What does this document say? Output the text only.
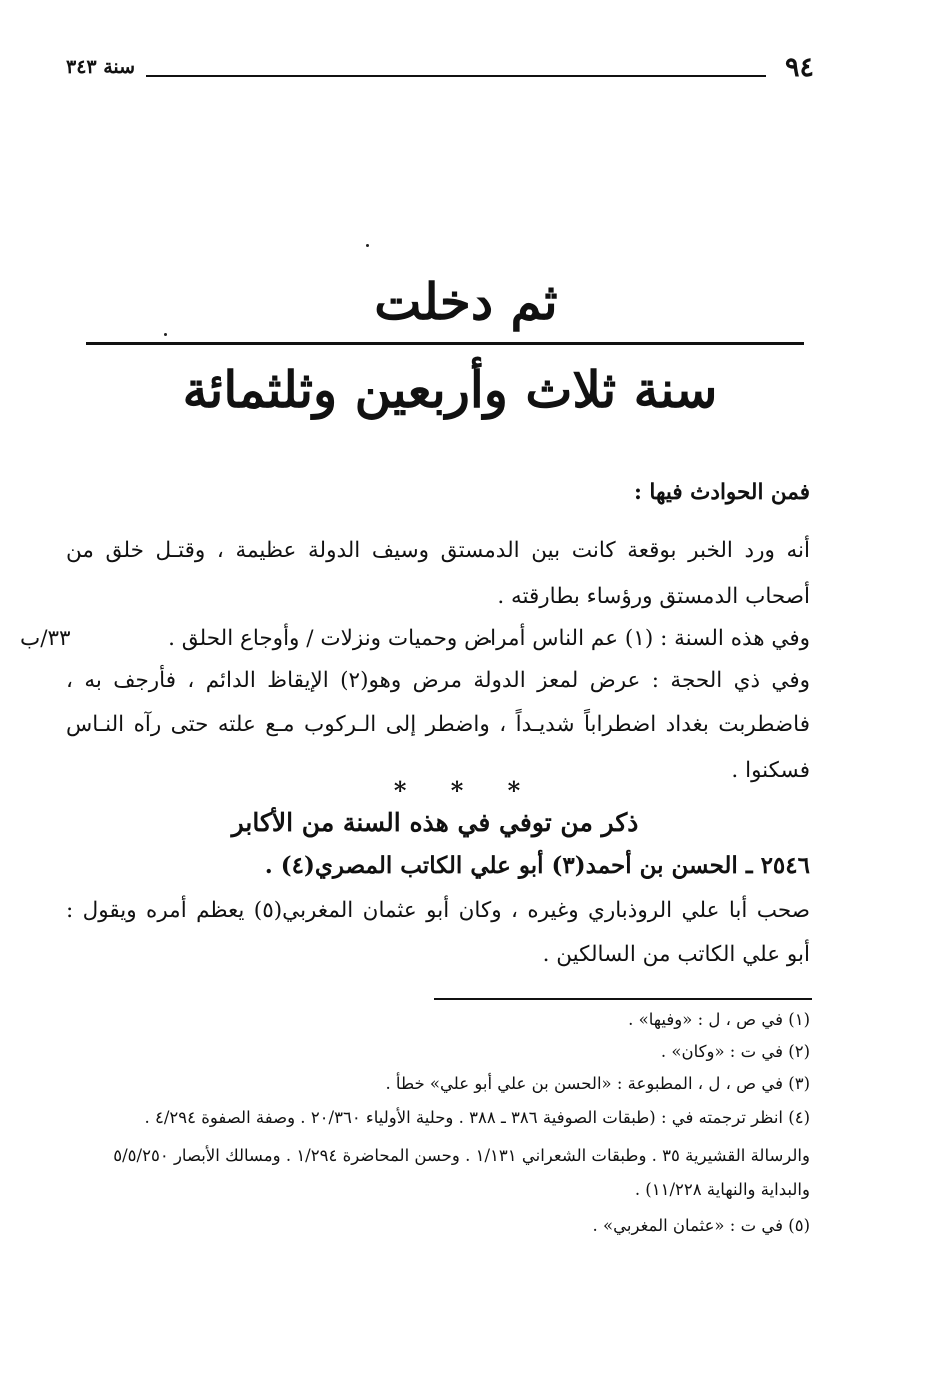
٩٤
سنة ٣٤٣
ثم دخلت
سنة ثلاث وأربعين وثلثمائة
فمن الحوادث فيها :
أنه ورد الخبر بوقعة كانت بين الدمستق وسيف الدولة عظيمة ، وقتـل خلق من
أصحاب الدمستق ورؤساء بطارقته .
وفي هذه السنة : (١) عم الناس أمراض وحميات ونزلات / وأوجاع الحلق .
٣٣/ب
وفي ذي الحجة : عرض لمعز الدولة مرض وهو(٢) الإيقاظ الدائم ، فأرجف به ،
فاضطربت بغداد اضطراباً شديـداً ، واضطر إلى الـركوب مـع علته حتى رآه النـاس
فسكنوا .
* * *
ذكر من توفي في هذه السنة من الأكابر
٢٥٤٦ ـ الحسن بن أحمد(٣) أبو علي الكاتب المصري(٤) .
صحب أبا علي الروذباري وغيره ، وكان أبو عثمان المغربي(٥) يعظم أمره ويقول :
أبو علي الكاتب من السالكين .
(١) في ص ، ل : «وفيها» .
(٢) في ت : «وكان» .
(٣) في ص ، ل ، المطبوعة : «الحسن بن علي أبو علي» خطأ .
(٤) انظر ترجمته في : (طبقات الصوفية ٣٨٦ ـ ٣٨٨ . وحلية الأولياء ٢٠/٣٦٠ . وصفة الصفوة ٤/٢٩٤ .
والرسالة القشيرية ٣٥ . وطبقات الشعراني ١/١٣١ . وحسن المحاضرة ١/٢٩٤ . ومسالك الأبصار ٥/٥/٢٥٠
والبداية والنهاية ١١/٢٢٨) .
(٥) في ت : «عثمان المغربي» .
